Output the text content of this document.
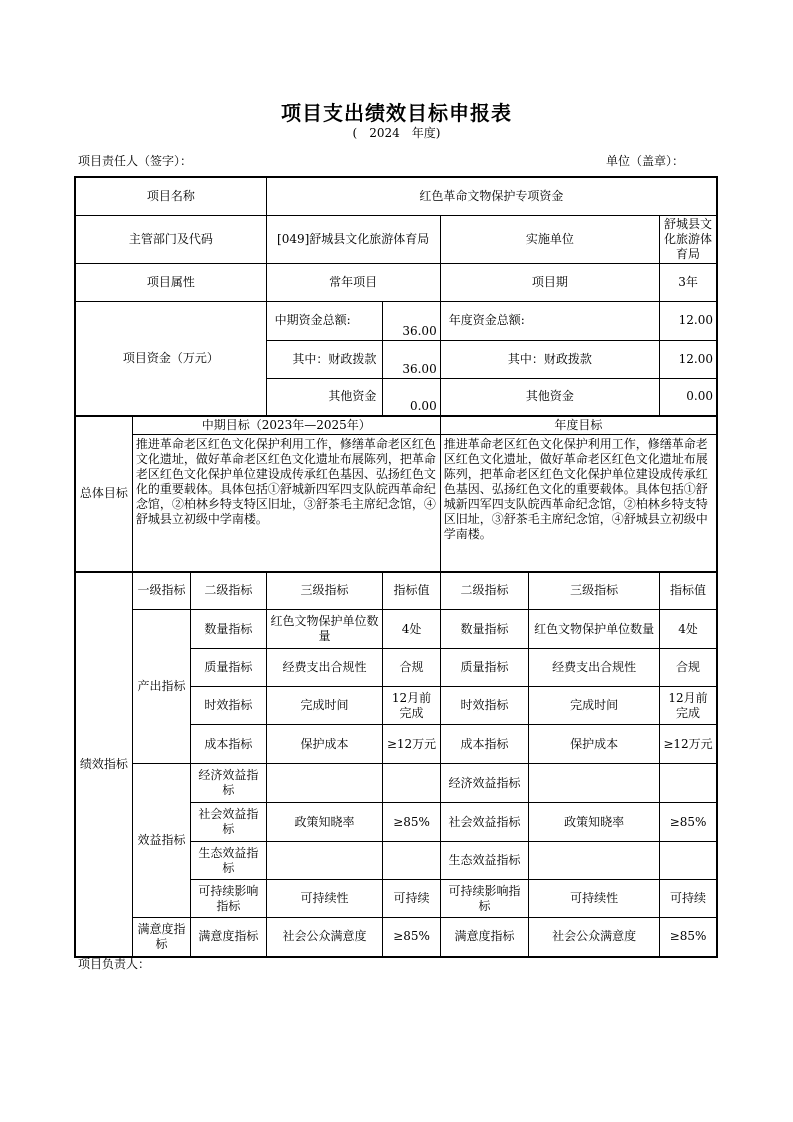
项目支出绩效目标申报表
( 2024 年度)
项目责任人（签字）：	单位（盖章）：
项目名称			红色革命文物保护专项资金				
主管部门及代码			[049]舒城县文化旅游体育局		实施单位		舒城县文化旅游体育局
项目属性			常年项目		项目期		3年
项目资金（万元）			中期资金总额:	36.00	年度资金总额:		12.00
			其中：财政拨款	36.00	其中：财政拨款		12.00
			其他资金	0.00	其他资金		0.00
总体目标	中期目标（2023年—2025年）				年度目标		
	推进革命老区红色文化保护利用工作，修缮革命老区红色文化遗址，做好革命老区红色文化遗址布展陈列，把革命老区红色文化保护单位建设成传承红色基因、弘扬红色文化的重要载体。具体包括①舒城新四军四支队皖西革命纪念馆，②柏林乡特支特区旧址，③舒茶毛主席纪念馆，④舒城县立初级中学南楼。				推进革命老区红色文化保护利用工作，修缮革命老区红色文化遗址，做好革命老区红色文化遗址布展陈列，把革命老区红色文化保护单位建设成传承红色基因、弘扬红色文化的重要载体。具体包括①舒城新四军四支队皖西革命纪念馆，②柏林乡特支特区旧址，③舒茶毛主席纪念馆，④舒城县立初级中学南楼。		
绩效指标	一级指标	二级指标	三级指标	指标值	二级指标	三级指标	指标值
	产出指标	数量指标	红色文物保护单位数量	4处	数量指标	红色文物保护单位数量	4处
		质量指标	经费支出合规性	合规	质量指标	经费支出合规性	合规
		时效指标	完成时间	12月前完成	时效指标	完成时间	12月前完成
		成本指标	保护成本	≥12万元	成本指标	保护成本	≥12万元
	效益指标	经济效益指标			经济效益指标		
		社会效益指标	政策知晓率	≥85%	社会效益指标	政策知晓率	≥85%
		生态效益指标			生态效益指标		
		可持续影响指标	可持续性	可持续	可持续影响指标	可持续性	可持续
	满意度指标	满意度指标	社会公众满意度	≥85%	满意度指标	社会公众满意度	≥85%
项目负责人：
